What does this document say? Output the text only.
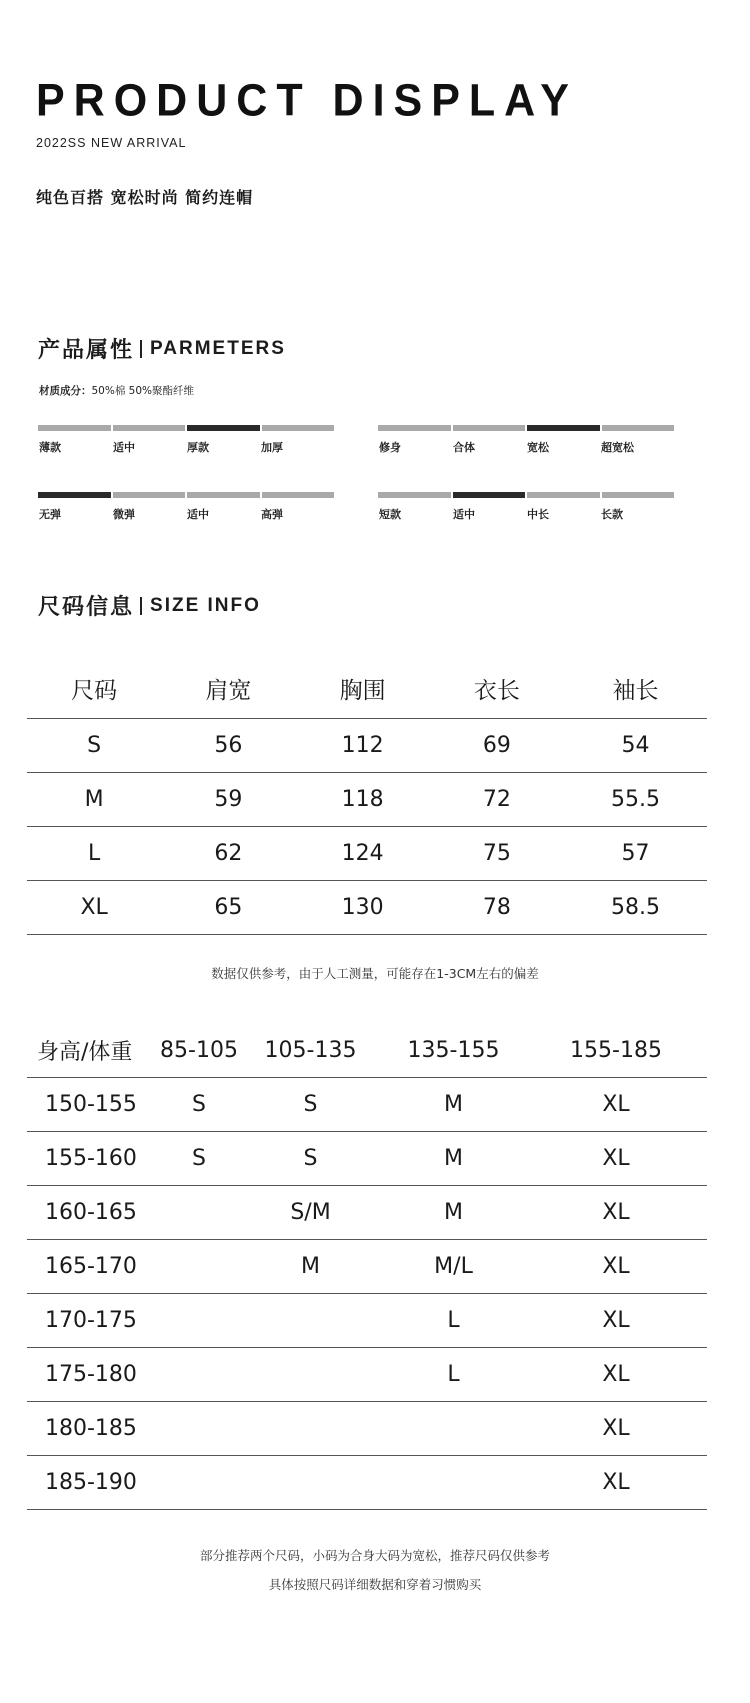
PRODUCT DISPLAY
2022SS NEW ARRIVAL
纯色百搭 宽松时尚 简约连帽
产品属性 PARMETERS
材质成分：50%棉 50%聚酯纤维
薄款	适中	厚款	加厚	修身	合体	宽松	超宽松
无弹	微弹	适中	高弹	短款	适中	中长	长款
尺码信息 SIZE INFO
尺码	肩宽	胸围	衣长	袖长
S	56	112	69	54
M	59	118	72	55.5
L	62	124	75	57
XL	65	130	78	58.5
数据仅供参考，由于人工测量，可能存在1-3CM左右的偏差
身高/体重	85-105	105-135	135-155	155-185
150-155	S	S	M	XL
155-160	S	S	M	XL
160-165		S/M	M	XL
165-170		M	M/L	XL
170-175			L	XL
175-180			L	XL
180-185				XL
185-190				XL
部分推荐两个尺码，小码为合身大码为宽松，推荐尺码仅供参考
具体按照尺码详细数据和穿着习惯购买
